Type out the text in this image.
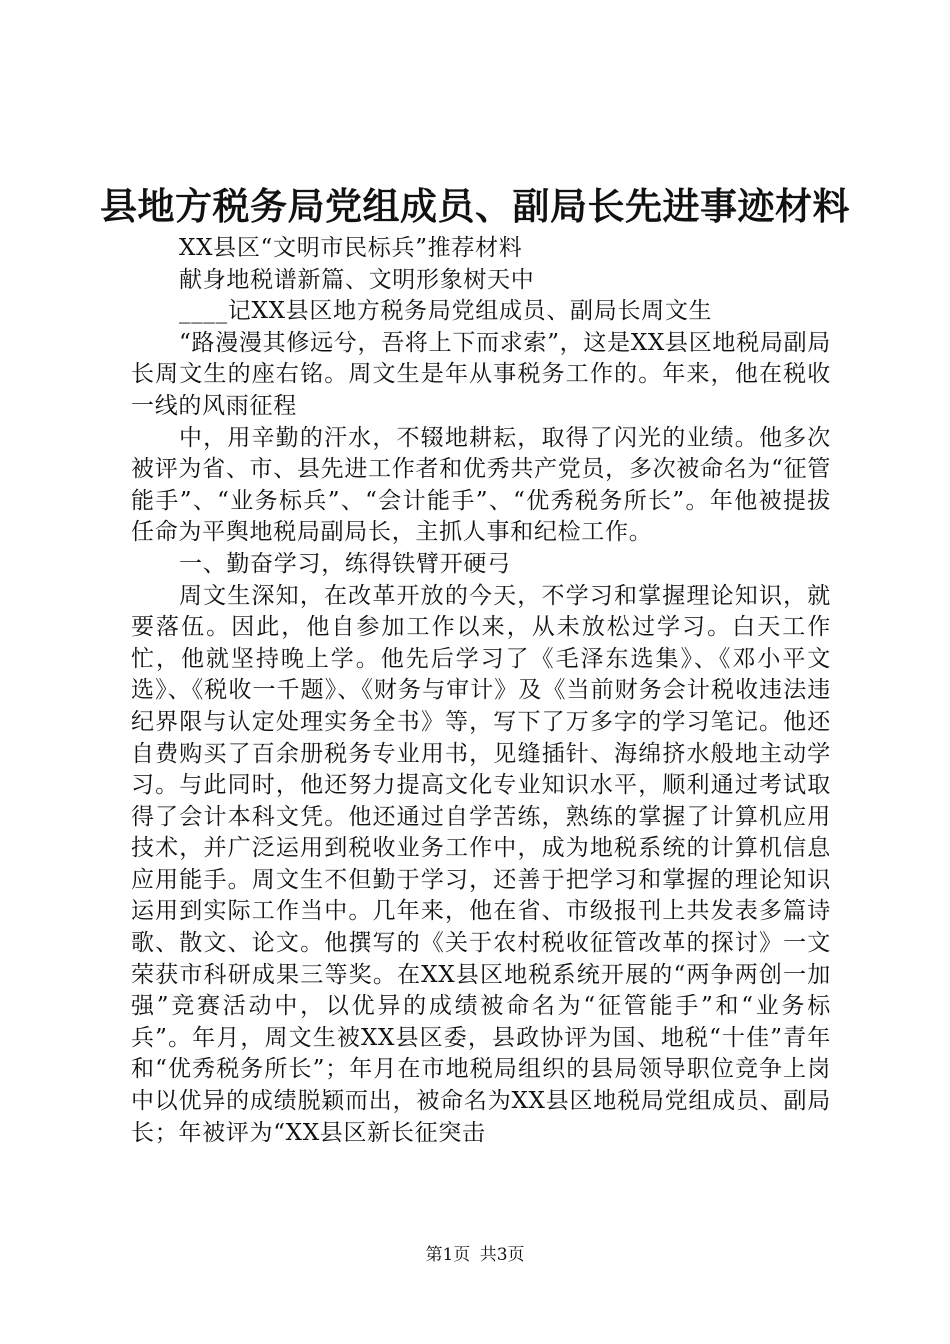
县地方税务局党组成员、副局长先进事迹材料

XX县区“文明市民标兵”推荐材料

献身地税谱新篇、文明形象树天中

____记XX县区地方税务局党组成员、副局长周文生

“路漫漫其修远兮，吾将上下而求索”，这是XX县区地税局副局长周文生的座右铭。周文生是年从事税务工作的。年来，他在税收一线的风雨征程

中，用辛勤的汗水，不辍地耕耘，取得了闪光的业绩。他多次被评为省、市、县先进工作者和优秀共产党员，多次被命名为“征管能手”、“业务标兵”、“会计能手”、“优秀税务所长”。年他被提拔任命为平舆地税局副局长，主抓人事和纪检工作。

一、勤奋学习，练得铁臂开硬弓

周文生深知，在改革开放的今天，不学习和掌握理论知识，就要落伍。因此，他自参加工作以来，从未放松过学习。白天工作忙，他就坚持晚上学。他先后学习了《毛泽东选集》、《邓小平文选》、《税收一千题》、《财务与审计》及《当前财务会计税收违法违纪界限与认定处理实务全书》等，写下了万多字的学习笔记。他还自费购买了百余册税务专业用书，见缝插针、海绵挤水般地主动学习。与此同时，他还努力提高文化专业知识水平，顺利通过考试取得了会计本科文凭。他还通过自学苦练，熟练的掌握了计算机应用技术，并广泛运用到税收业务工作中，成为地税系统的计算机信息应用能手。周文生不但勤于学习，还善于把学习和掌握的理论知识运用到实际工作当中。几年来，他在省、市级报刊上共发表多篇诗歌、散文、论文。他撰写的《关于农村税收征管改革的探讨》一文荣获市科研成果三等奖。在XX县区地税系统开展的“两争两创一加强”竞赛活动中，以优异的成绩被命名为“征管能手”和“业务标兵”。年月，周文生被XX县区委，县政协评为国、地税“十佳”青年和“优秀税务所长”；年月在市地税局组织的县局领导职位竞争上岗中以优异的成绩脱颖而出，被命名为XX县区地税局党组成员、副局长；年被评为“XX县区新长征突击

第1页 共3页
